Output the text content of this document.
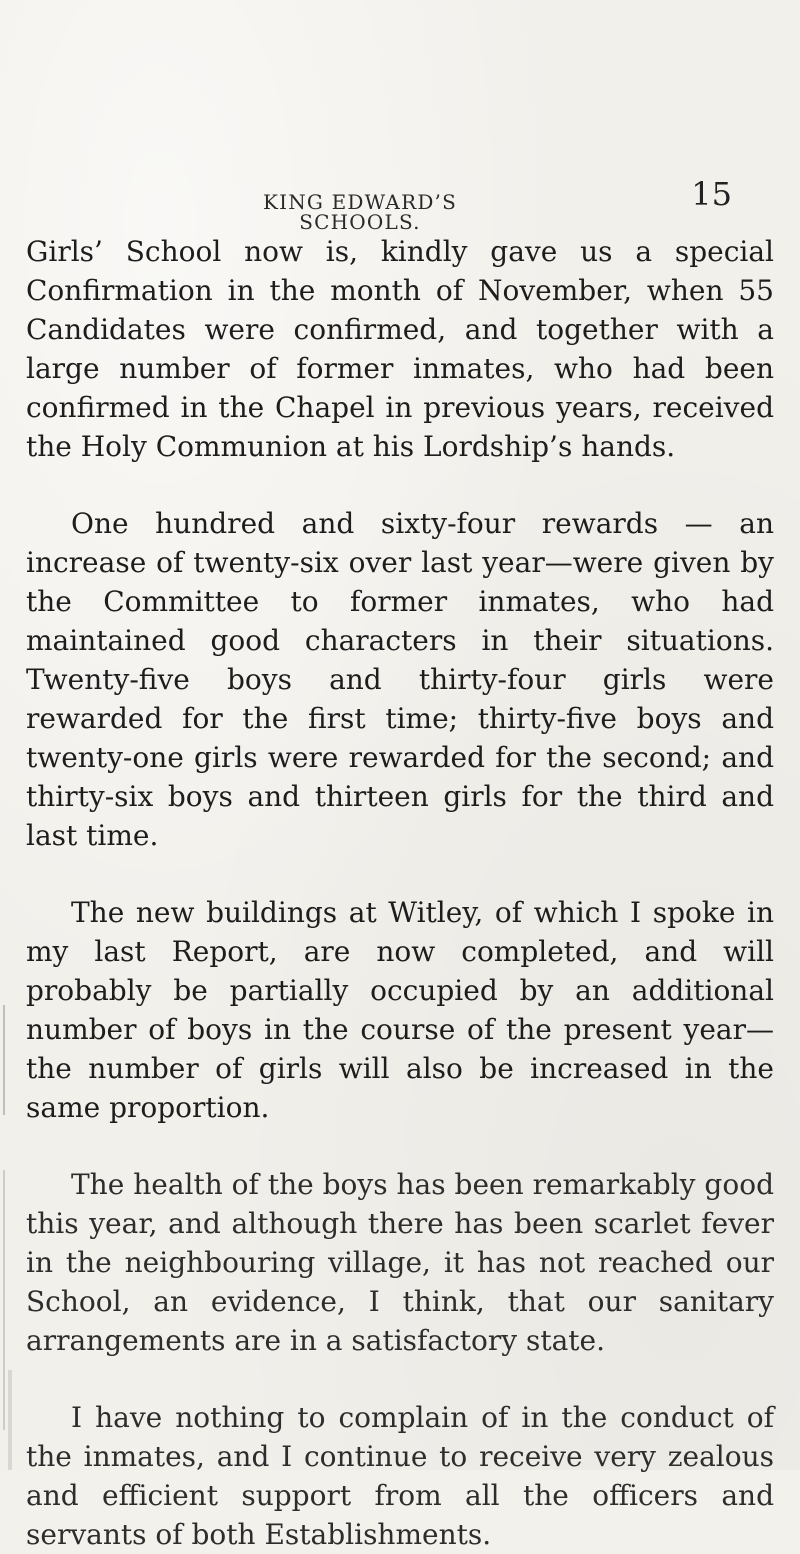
KING EDWARD’S SCHOOLS.
15

Girls’ School now is, kindly gave us a special Confirmation in the month of November, when 55 Candidates were confirmed, and together with a large number of former inmates, who had been confirmed in the Chapel in previous years, received the Holy Communion at his Lordship’s hands.

One hundred and sixty-four rewards — an increase of twenty-six over last year—were given by the Committee to former inmates, who had maintained good characters in their situations. Twenty-five boys and thirty-four girls were rewarded for the first time; thirty-five boys and twenty-one girls were rewarded for the second; and thirty-six boys and thirteen girls for the third and last time.

The new buildings at Witley, of which I spoke in my last Report, are now completed, and will probably be partially occupied by an additional number of boys in the course of the present year—the number of girls will also be increased in the same proportion.

The health of the boys has been remarkably good this year, and although there has been scarlet fever in the neighbouring village, it has not reached our School, an evidence, I think, that our sanitary arrangements are in a satisfactory state.

I have nothing to complain of in the conduct of the inmates, and I continue to receive very zealous and efficient support from all the officers and servants of both Establishments.
